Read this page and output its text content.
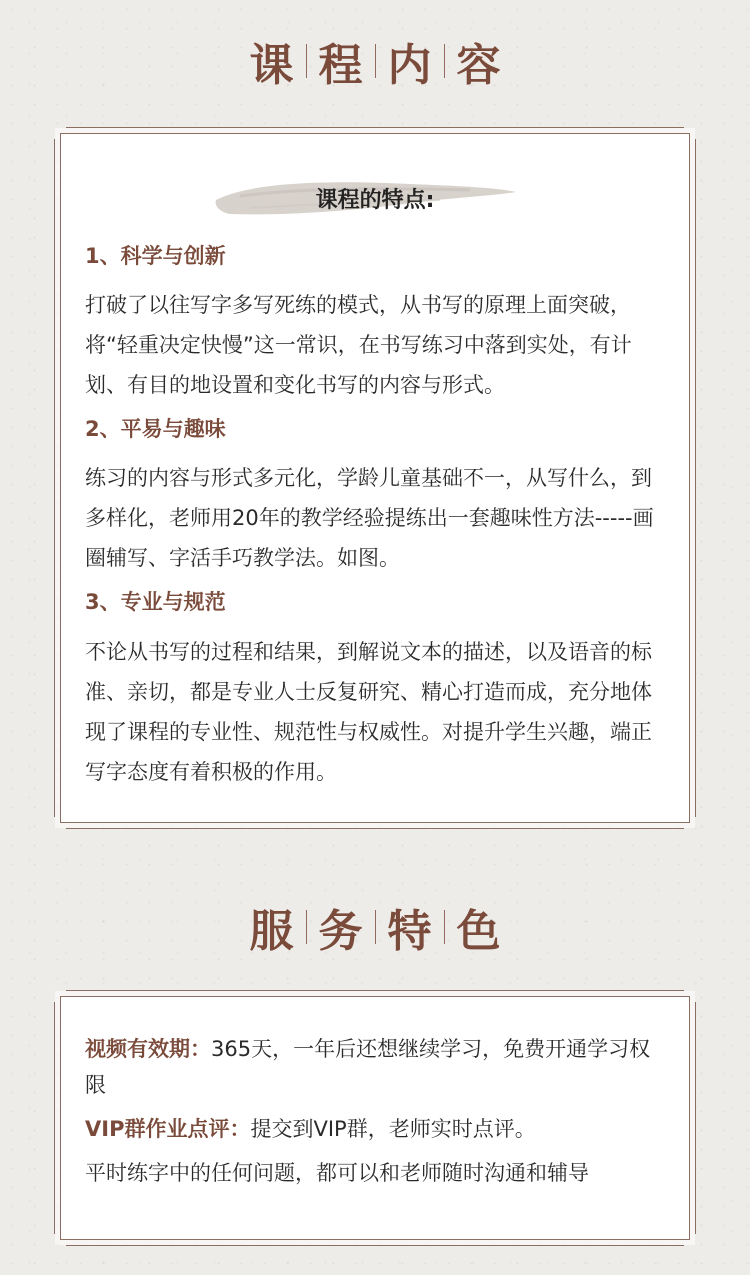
课 程 内 容
课程的特点:

1、科学与创新

打破了以往写字多写死练的模式，从书写的原理上面突破，将“轻重决定快慢”这一常识，在书写练习中落到实处，有计划、有目的地设置和变化书写的内容与形式。

2、平易与趣味

练习的内容与形式多元化，学龄儿童基础不一，从写什么，到多样化，老师用20年的教学经验提练出一套趣味性方法-----画圈辅写、字活手巧教学法。如图。

3、专业与规范

不论从书写的过程和结果，到解说文本的描述，以及语音的标准、亲切，都是专业人士反复研究、精心打造而成，充分地体现了课程的专业性、规范性与权威性。对提升学生兴趣，端正写字态度有着积极的作用。

服 务 特 色

视频有效期：365天，一年后还想继续学习，免费开通学习权限

VIP群作业点评：提交到VIP群，老师实时点评。

平时练字中的任何问题，都可以和老师随时沟通和辅导
